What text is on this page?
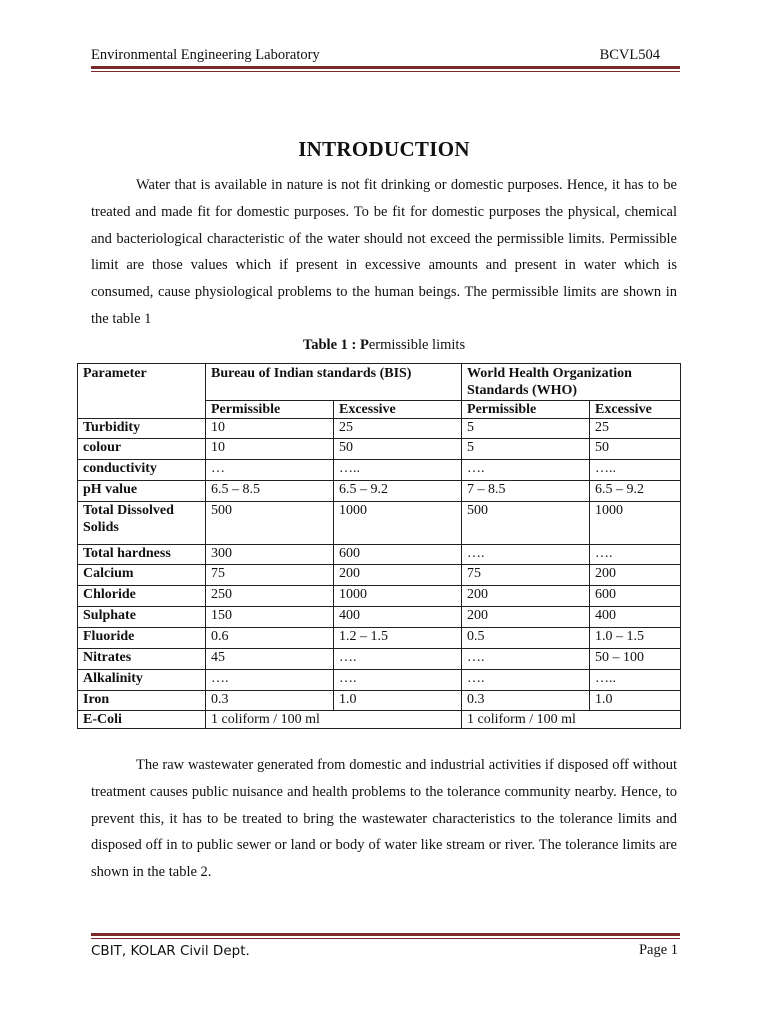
Environmental Engineering Laboratory	BCVL504
INTRODUCTION

Water that is available in nature is not fit drinking or domestic purposes. Hence, it has to be treated and made fit for domestic purposes. To be fit for domestic purposes the physical, chemical and bacteriological characteristic of the water should not exceed the permissible limits. Permissible limit are those values which if present in excessive amounts and present in water which is consumed, cause physiological problems to the human beings. The permissible limits are shown in the table 1

Table 1 : Permissible limits
Parameter	Bureau of Indian standards (BIS)		World Health Organization Standards (WHO)	
	Permissible	Excessive	Permissible	Excessive
Turbidity	10	25	5	25
colour	10	50	5	50
conductivity	…	…..	….	…..
pH value	6.5 – 8.5	6.5 – 9.2	7 – 8.5	6.5 – 9.2
Total Dissolved Solids	500	1000	500	1000
Total hardness	300	600	….	….
Calcium	75	200	75	200
Chloride	250	1000	200	600
Sulphate	150	400	200	400
Fluoride	0.6	1.2 – 1.5	0.5	1.0 – 1.5
Nitrates	45	….	….	50 – 100
Alkalinity	….	….	….	…..
Iron	0.3	1.0	0.3	1.0
E-Coli	1 coliform / 100 ml		1 coliform / 100 ml	

The raw wastewater generated from domestic and industrial activities if disposed off without treatment causes public nuisance and health problems to the tolerance community nearby. Hence, to prevent this, it has to be treated to bring the wastewater characteristics to the tolerance limits and disposed off in to public sewer or land or body of water like stream or river. The tolerance limits are shown in the table 2.

CBIT, KOLAR Civil Dept.	Page 1
